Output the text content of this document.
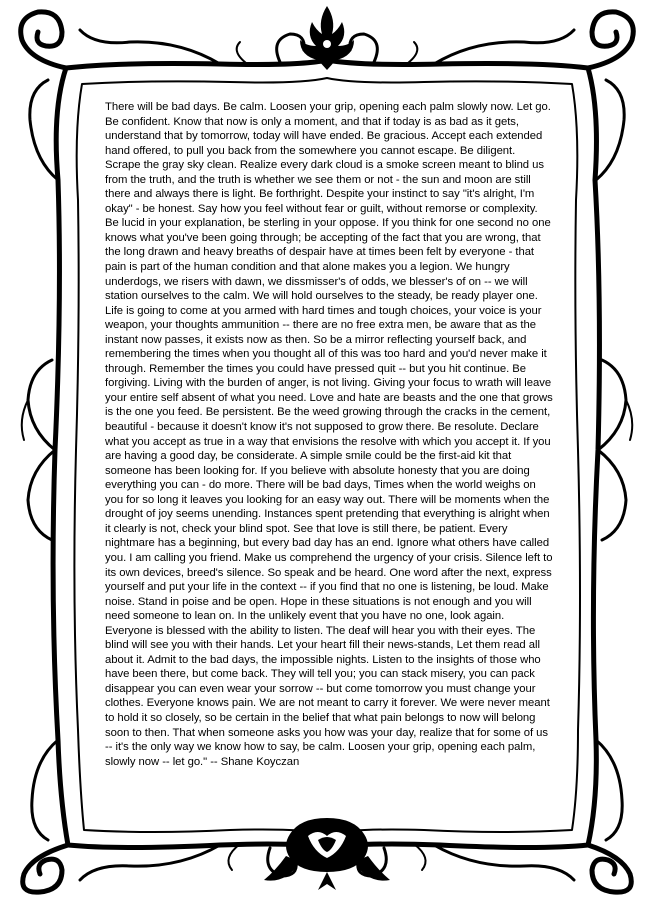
There will be bad days. Be calm. Loosen your grip, opening each palm slowly now. Let go. Be confident. Know that now is only a moment, and that if today is as bad as it gets, understand that by tomorrow, today will have ended. Be gracious. Accept each extended hand offered, to pull you back from the somewhere you cannot escape. Be diligent. Scrape the gray sky clean. Realize every dark cloud is a smoke screen meant to blind us from the truth, and the truth is whether we see them or not - the sun and moon are still there and always there is light. Be forthright. Despite your instinct to say "it's alright, I'm okay" - be honest. Say how you feel without fear or guilt, without remorse or complexity. Be lucid in your explanation, be sterling in your oppose. If you think for one second no one knows what you've been going through; be accepting of the fact that you are wrong, that the long drawn and heavy breaths of despair have at times been felt by everyone - that pain is part of the human condition and that alone makes you a legion. We hungry underdogs, we risers with dawn, we dissmisser's of odds, we blesser's of on -- we will station ourselves to the calm. We will hold ourselves to the steady, be ready player one. Life is going to come at you armed with hard times and tough choices, your voice is your weapon, your thoughts ammunition -- there are no free extra men, be aware that as the instant now passes, it exists now as then. So be a mirror reflecting yourself back, and remembering the times when you thought all of this was too hard and you'd never make it through. Remember the times you could have pressed quit -- but you hit continue. Be forgiving. Living with the burden of anger, is not living. Giving your focus to wrath will leave your entire self absent of what you need. Love and hate are beasts and the one that grows is the one you feed. Be persistent. Be the weed growing through the cracks in the cement, beautiful - because it doesn't know it's not supposed to grow there. Be resolute. Declare what you accept as true in a way that envisions the resolve with which you accept it. If you are having a good day, be considerate. A simple smile could be the first-aid kit that someone has been looking for. If you believe with absolute honesty that you are doing everything you can - do more. There will be bad days, Times when the world weighs on you for so long it leaves you looking for an easy way out. There will be moments when the drought of joy seems unending. Instances spent pretending that everything is alright when it clearly is not, check your blind spot. See that love is still there, be patient. Every nightmare has a beginning, but every bad day has an end. Ignore what others have called you. I am calling you friend. Make us comprehend the urgency of your crisis. Silence left to its own devices, breed's silence. So speak and be heard. One word after the next, express yourself and put your life in the context -- if you find that no one is listening, be loud. Make noise. Stand in poise and be open. Hope in these situations is not enough and you will need someone to lean on. In the unlikely event that you have no one, look again. Everyone is blessed with the ability to listen. The deaf will hear you with their eyes. The blind will see you with their hands. Let your heart fill their news-stands, Let them read all about it. Admit to the bad days, the impossible nights. Listen to the insights of those who have been there, but come back. They will tell you; you can stack misery, you can pack disappear you can even wear your sorrow -- but come tomorrow you must change your clothes. Everyone knows pain. We are not meant to carry it forever. We were never meant to hold it so closely, so be certain in the belief that what pain belongs to now will belong soon to then. That when someone asks you how was your day, realize that for some of us -- it's the only way we know how to say, be calm. Loosen your grip, opening each palm, slowly now -- let go." -- Shane Koyczan
